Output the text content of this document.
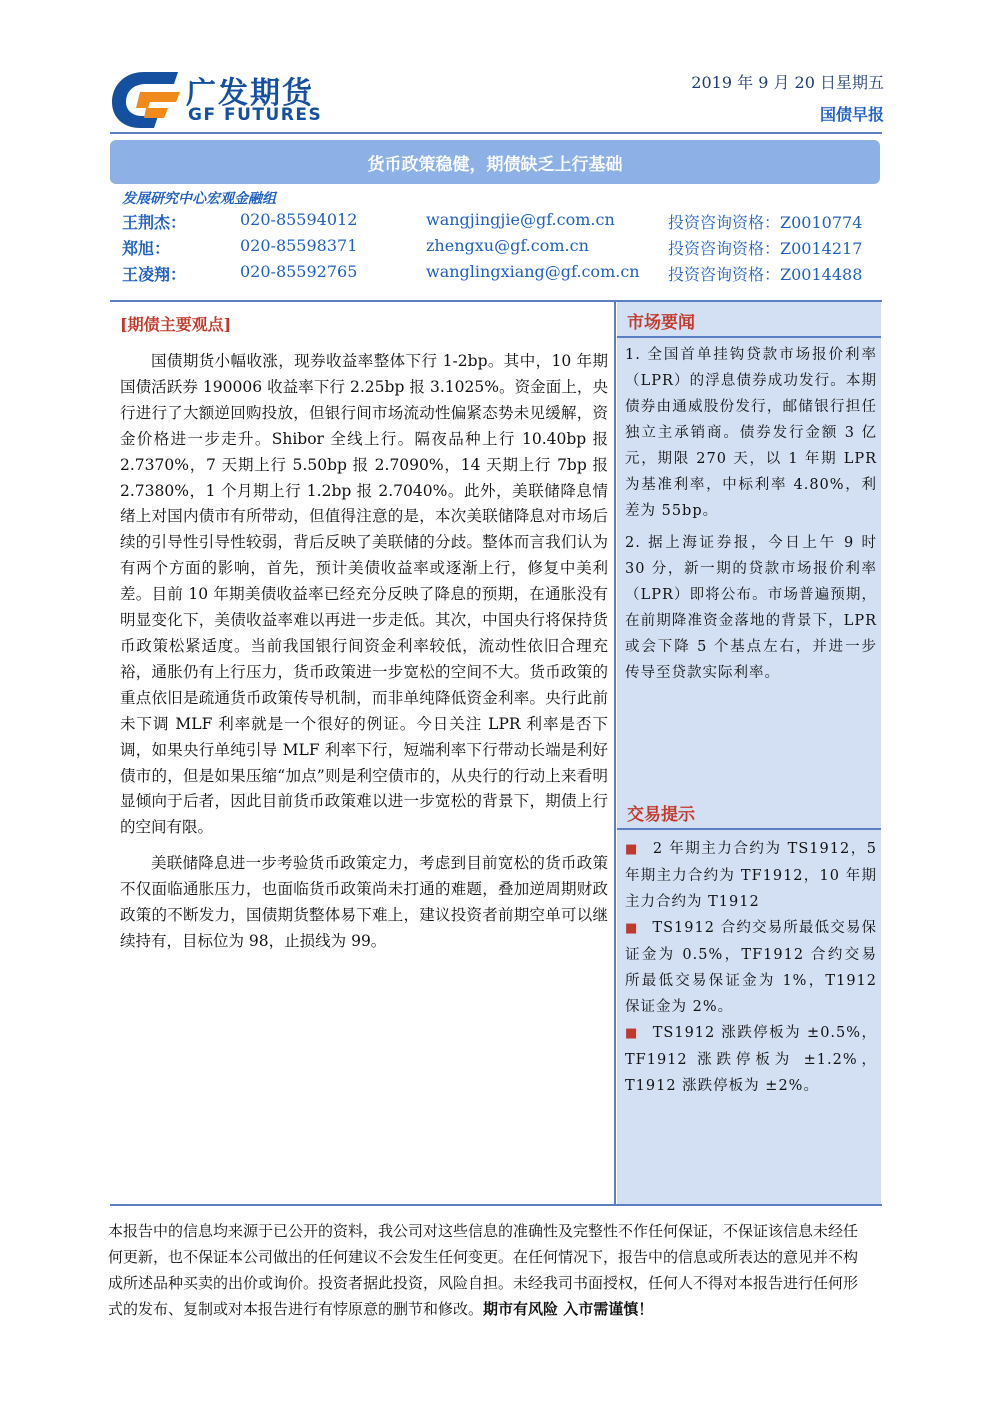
广发期货
GF FUTURES
2019 年 9 月 20 日星期五
国债早报
货币政策稳健，期债缺乏上行基础
发展研究中心宏观金融组
王荆杰：	020-85594012	wangjingjie@gf.com.cn	投资咨询资格：Z0010774
郑旭：	020-85598371	zhengxu@gf.com.cn	投资咨询资格：Z0014217
王凌翔：	020-85592765	wanglingxiang@gf.com.cn 投资咨询资格：Z0014488
[期债主要观点]

国债期货小幅收涨，现券收益率整体下行 1-2bp。其中，10 年期国债活跃券 190006 收益率下行 2.25bp 报 3.1025%。资金面上，央行进行了大额逆回购投放，但银行间市场流动性偏紧态势未见缓解，资金价格进一步走升。Shibor 全线上行。隔夜品种上行 10.40bp 报 2.7370%，7 天期上行 5.50bp 报 2.7090%，14 天期上行 7bp 报 2.7380%，1 个月期上行 1.2bp 报 2.7040%。此外，美联储降息情绪上对国内债市有所带动，但值得注意的是，本次美联储降息对市场后续的引导性引导性较弱，背后反映了美联储的分歧。整体而言我们认为有两个方面的影响，首先，预计美债收益率或逐渐上行，修复中美利差。目前 10 年期美债收益率已经充分反映了降息的预期，在通胀没有明显变化下，美债收益率难以再进一步走低。其次，中国央行将保持货币政策松紧适度。当前我国银行间资金利率较低，流动性依旧合理充裕，通胀仍有上行压力，货币政策进一步宽松的空间不大。货币政策的重点依旧是疏通货币政策传导机制，而非单纯降低资金利率。央行此前未下调 MLF 利率就是一个很好的例证。今日关注 LPR 利率是否下调，如果央行单纯引导 MLF 利率下行，短端利率下行带动长端是利好债市的，但是如果压缩“加点”则是利空债市的，从央行的行动上来看明显倾向于后者，因此目前货币政策难以进一步宽松的背景下，期债上行的空间有限。

美联储降息进一步考验货币政策定力，考虑到目前宽松的货币政策不仅面临通胀压力，也面临货币政策尚未打通的难题，叠加逆周期财政政策的不断发力，国债期货整体易下难上，建议投资者前期空单可以继续持有，目标位为 98，止损线为 99。

市场要闻

1. 全国首单挂钩贷款市场报价利率（LPR）的浮息债券成功发行。本期债券由通威股份发行，邮储银行担任独立主承销商。债券发行金额 3 亿元，期限 270 天，以 1 年期 LPR 为基准利率，中标利率 4.80%，利差为 55bp。

2. 据上海证券报，今日上午 9 时 30 分，新一期的贷款市场报价利率（LPR）即将公布。市场普遍预期，在前期降准资金落地的背景下，LPR 或会下降 5 个基点左右，并进一步传导至贷款实际利率。

交易提示

■ 2 年期主力合约为 TS1912，5 年期主力合约为 TF1912，10 年期主力合约为 T1912

■ TS1912 合约交易所最低交易保证金为 0.5%，TF1912 合约交易所最低交易保证金为 1%，T1912 保证金为 2%。

■ TS1912 涨跌停板为 ±0.5%，TF1912 涨跌停板为 ±1.2%，T1912 涨跌停板为 ±2%。

本报告中的信息均来源于已公开的资料，我公司对这些信息的准确性及完整性不作任何保证，不保证该信息未经任何更新，也不保证本公司做出的任何建议不会发生任何变更。在任何情况下，报告中的信息或所表达的意见并不构成所述品种买卖的出价或询价。投资者据此投资，风险自担。未经我司书面授权，任何人不得对本报告进行任何形式的发布、复制或对本报告进行有悖原意的删节和修改。期市有风险 入市需谨慎！
